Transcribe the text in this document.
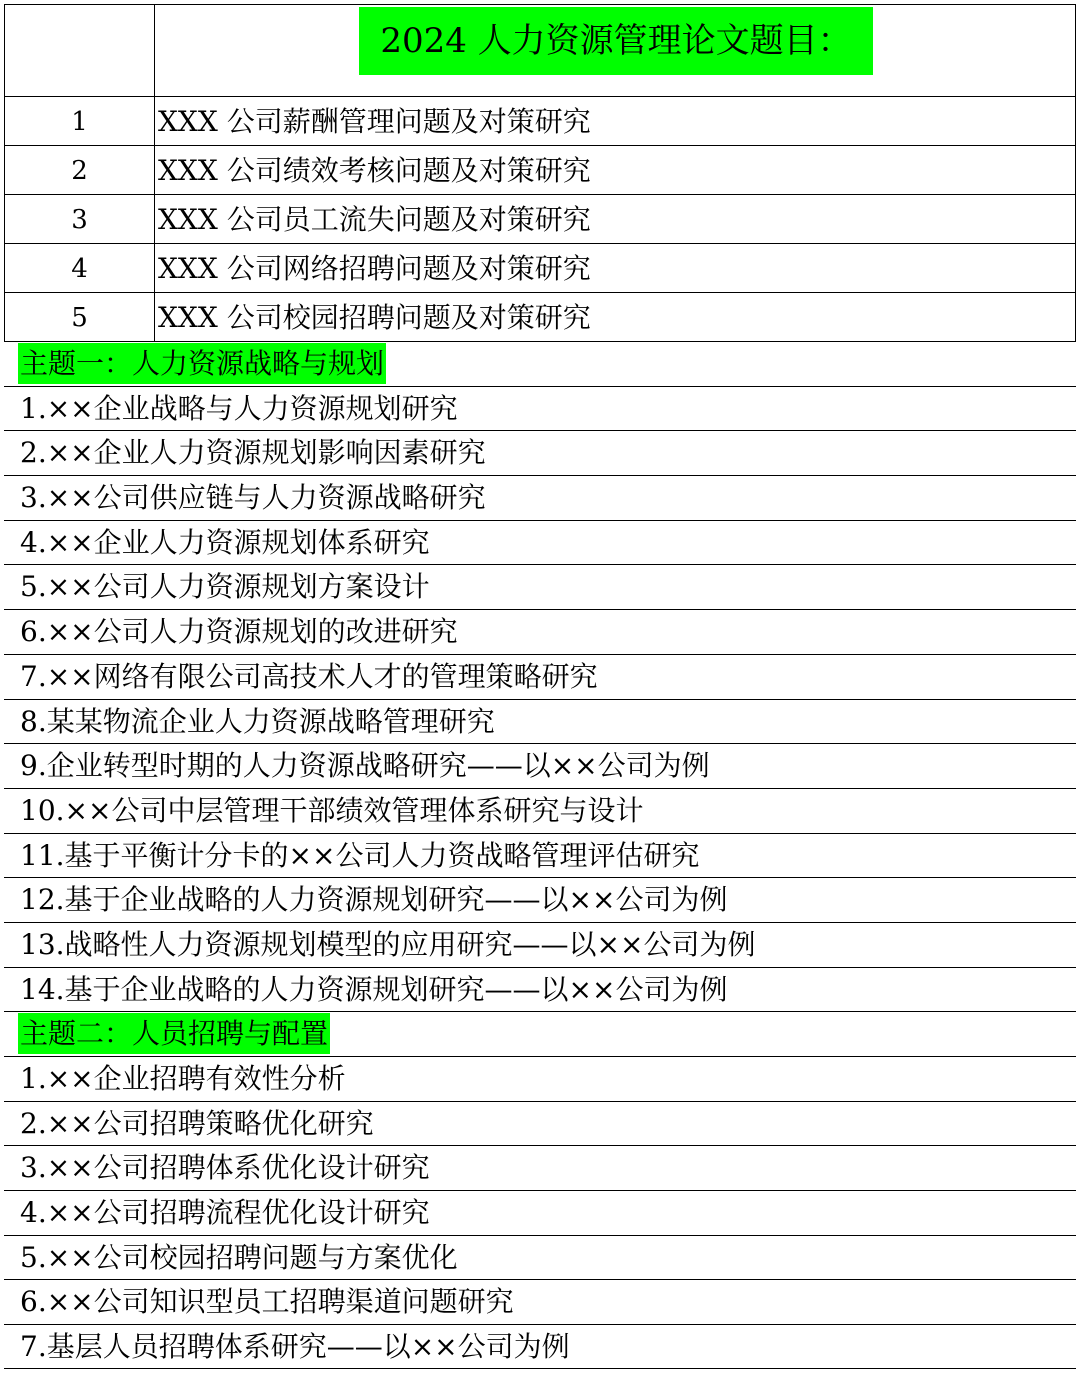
2024 人力资源管理论文题目：
1	XXX 公司薪酬管理问题及对策研究
2	XXX 公司绩效考核问题及对策研究
3	XXX 公司员工流失问题及对策研究
4	XXX 公司网络招聘问题及对策研究
5	XXX 公司校园招聘问题及对策研究
主题一：人力资源战略与规划
1.××企业战略与人力资源规划研究
2.××企业人力资源规划影响因素研究
3.××公司供应链与人力资源战略研究
4.××企业人力资源规划体系研究
5.××公司人力资源规划方案设计
6.××公司人力资源规划的改进研究
7.××网络有限公司高技术人才的管理策略研究
8.某某物流企业人力资源战略管理研究
9.企业转型时期的人力资源战略研究——以××公司为例
10.××公司中层管理干部绩效管理体系研究与设计
11.基于平衡计分卡的××公司人力资战略管理评估研究
12.基于企业战略的人力资源规划研究——以××公司为例
13.战略性人力资源规划模型的应用研究——以××公司为例
14.基于企业战略的人力资源规划研究——以××公司为例
主题二：人员招聘与配置
1.××企业招聘有效性分析
2.××公司招聘策略优化研究
3.××公司招聘体系优化设计研究
4.××公司招聘流程优化设计研究
5.××公司校园招聘问题与方案优化
6.××公司知识型员工招聘渠道问题研究
7.基层人员招聘体系研究——以××公司为例
